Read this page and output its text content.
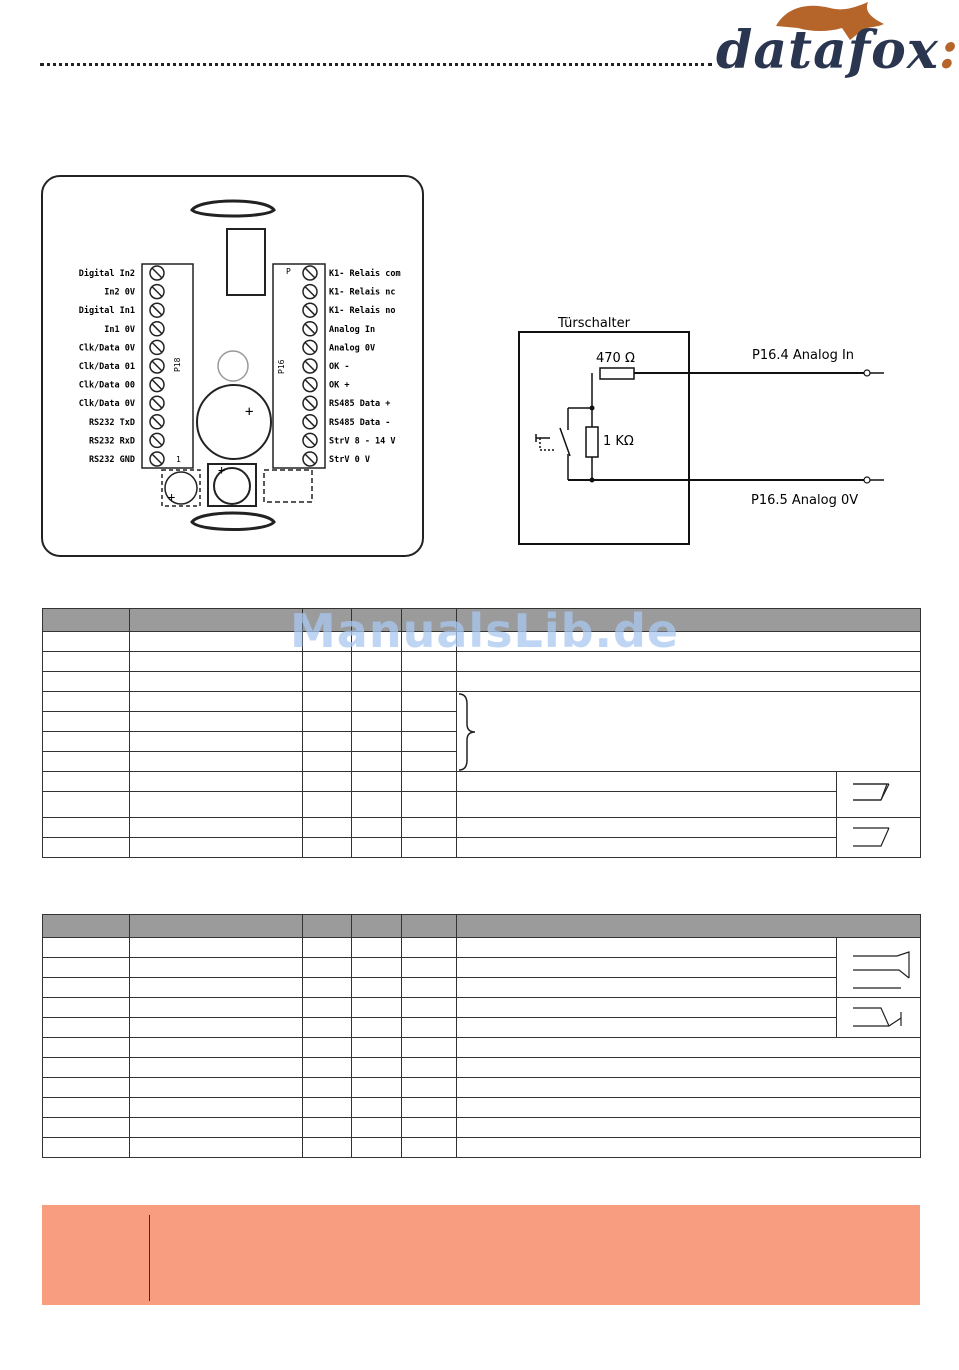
datafox:
+
+
+
P18	P16
1
P
Digital In2
In2 0V
Digital In1
In1 0V
Clk/Data 0V
Clk/Data 01
Clk/Data 00
Clk/Data 0V
RS232 TxD
RS232 RxD
RS232 GND
K1- Relais com
K1- Relais nc
K1- Relais no
Analog In
Analog 0V
OK -
OK +
RS485 Data +
RS485 Data -
StrV 8 - 14 V
StrV 0 V
Türschalter
470 Ω
1 KΩ
P16.4 Analog In
P16.5 Analog 0V

ManualsLib.de
